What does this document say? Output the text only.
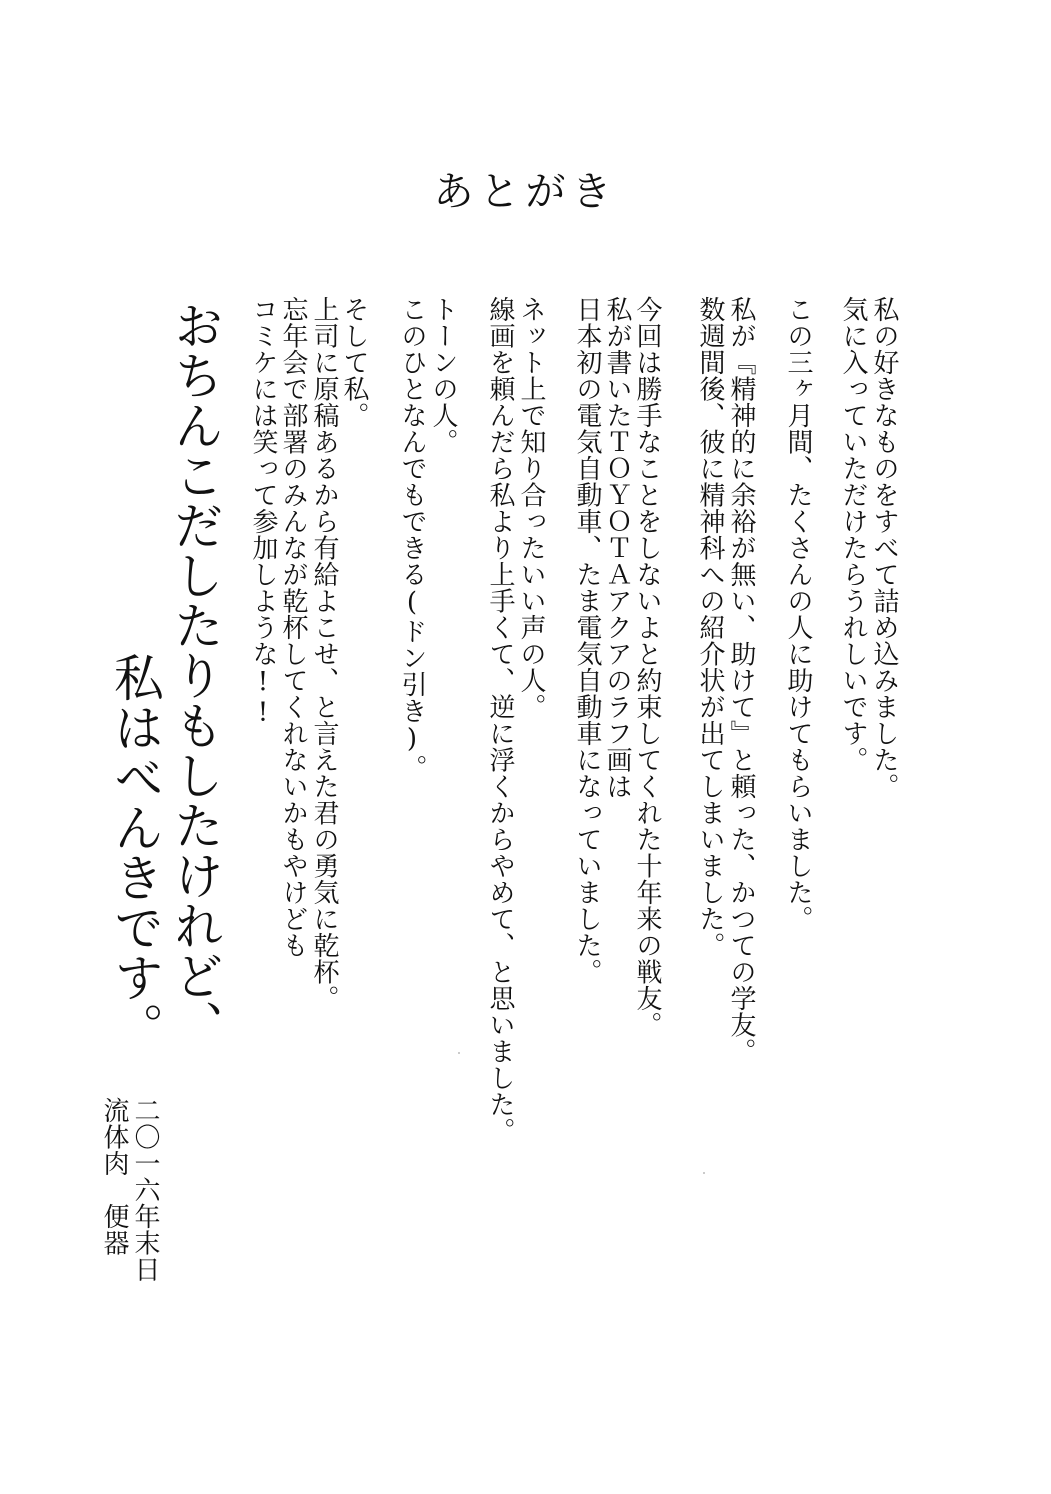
あとがき
私の好きなものをすべて詰め込みました。
気に入っていただけたらうれしいです。
この三ヶ月間、たくさんの人に助けてもらいました。
私が『精神的に余裕が無い、助けて』と頼った、かつての学友。
数週間後、彼に精神科への紹介状が出てしまいました。
今回は勝手なことをしないよと約束してくれた十年来の戦友。
私が書いたＴＯＹＯＴＡアクアのラフ画は
日本初の電気自動車、たま電気自動車になっていました。
ネット上で知り合ったいい声の人。
線画を頼んだら私より上手くて、逆に浮くからやめて、と思いました。
トーンの人。
このひとなんでもできる(ドン引き)。
そして私。
上司に原稿あるから有給よこせ、と言えた君の勇気に乾杯。
忘年会で部署のみんなが乾杯してくれないかもやけども
コミケには笑って参加しような!!
おちんこだしたりもしたけれど、
私はべんきです。
二〇一六年末日
流体肉　便器
